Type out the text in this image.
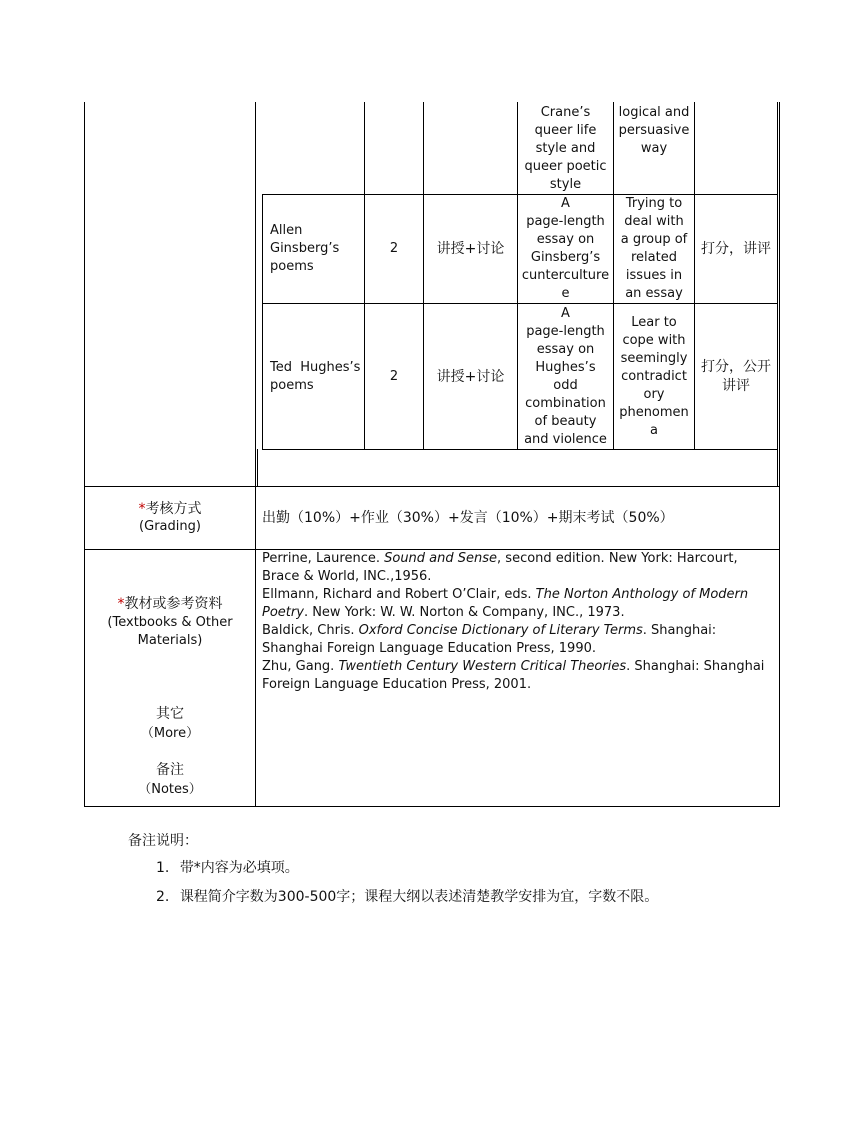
Crane’s
queer life
style and
queer poetic
style
logical and
persuasive
way
Allen
Ginsberg’s
poems
2	讲授+讨论
A
page-length
essay on
Ginsberg’s
cunterculture
e
Trying to
deal with
a group of
related
issues in
an essay
打分，讲评
Ted  Hughes’s
poems
2	讲授+讨论
A
page-length
essay on
Hughes’s
odd
combination
of beauty
and violence
Lear to
cope with
seemingly
contradict
ory
phenomen
a
打分，公开
讲评
*考核方式
(Grading)
出勤（10%）+作业（30%）+发言（10%）+期末考试（50%）
*教材或参考资料
(Textbooks & Other
Materials)
其它
（More）
备注
（Notes）
Perrine, Laurence. Sound and Sense, second edition. New York: Harcourt, Brace & World, INC.,1956.
Ellmann, Richard and Robert O’Clair, eds. The Norton Anthology of Modern Poetry. New York: W. W. Norton & Company, INC., 1973.
Baldick, Chris. Oxford Concise Dictionary of Literary Terms. Shanghai: Shanghai Foreign Language Education Press, 1990.
Zhu, Gang. Twentieth Century Western Critical Theories. Shanghai: Shanghai Foreign Language Education Press, 2001.
备注说明：
1. 带*内容为必填项。
2. 课程简介字数为300-500字；课程大纲以表述清楚教学安排为宜，字数不限。
